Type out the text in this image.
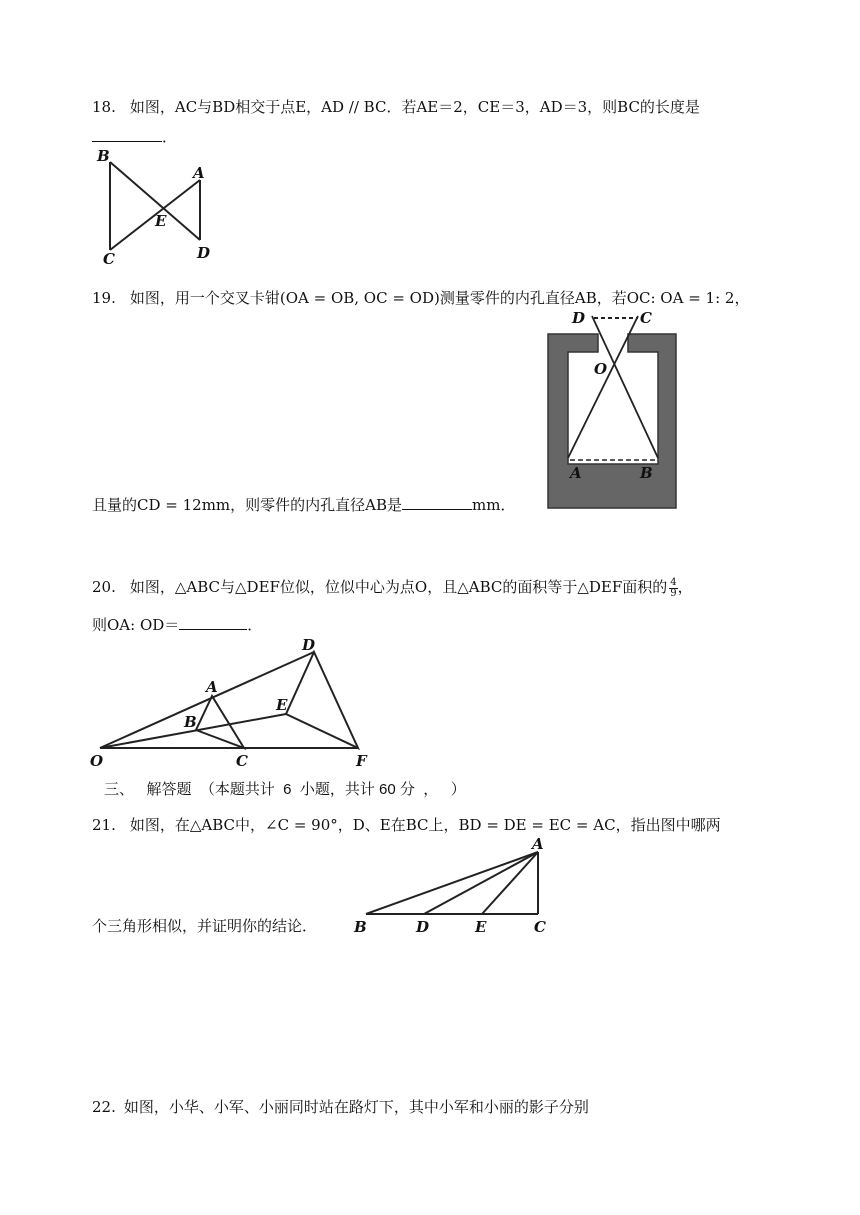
18. 如图，AC与BD相交于点E，AD // BC．若AE＝2，CE＝3，AD＝3，则BC的长度是
．
B
A
E
C	D
19. 如图，用一个交叉卡钳(OA = OB, OC = OD)测量零件的内孔直径AB，若OC: OA = 1: 2，
D	C
O
A	B
且量的CD = 12mm，则零件的内孔直径AB是	mm．
20. 如图，△ABC与△DEF位似，位似中心为点O，且△ABC的面积等于△DEF面积的 $\frac{4}{9}$ ，
则OA: OD＝	．
O
A
B
C
D
E
F
三、   解答题  （本题共计  6  小题，共计 60 分  ，   ）
21. 如图，在△ABC中，∠C = 90°，D、E在BC上，BD = DE = EC = AC，指出图中哪两
个三角形相似，并证明你的结论．
A
B	D	E	C
22. 如图，小华、小军、小丽同时站在路灯下，其中小军和小丽的影子分别
